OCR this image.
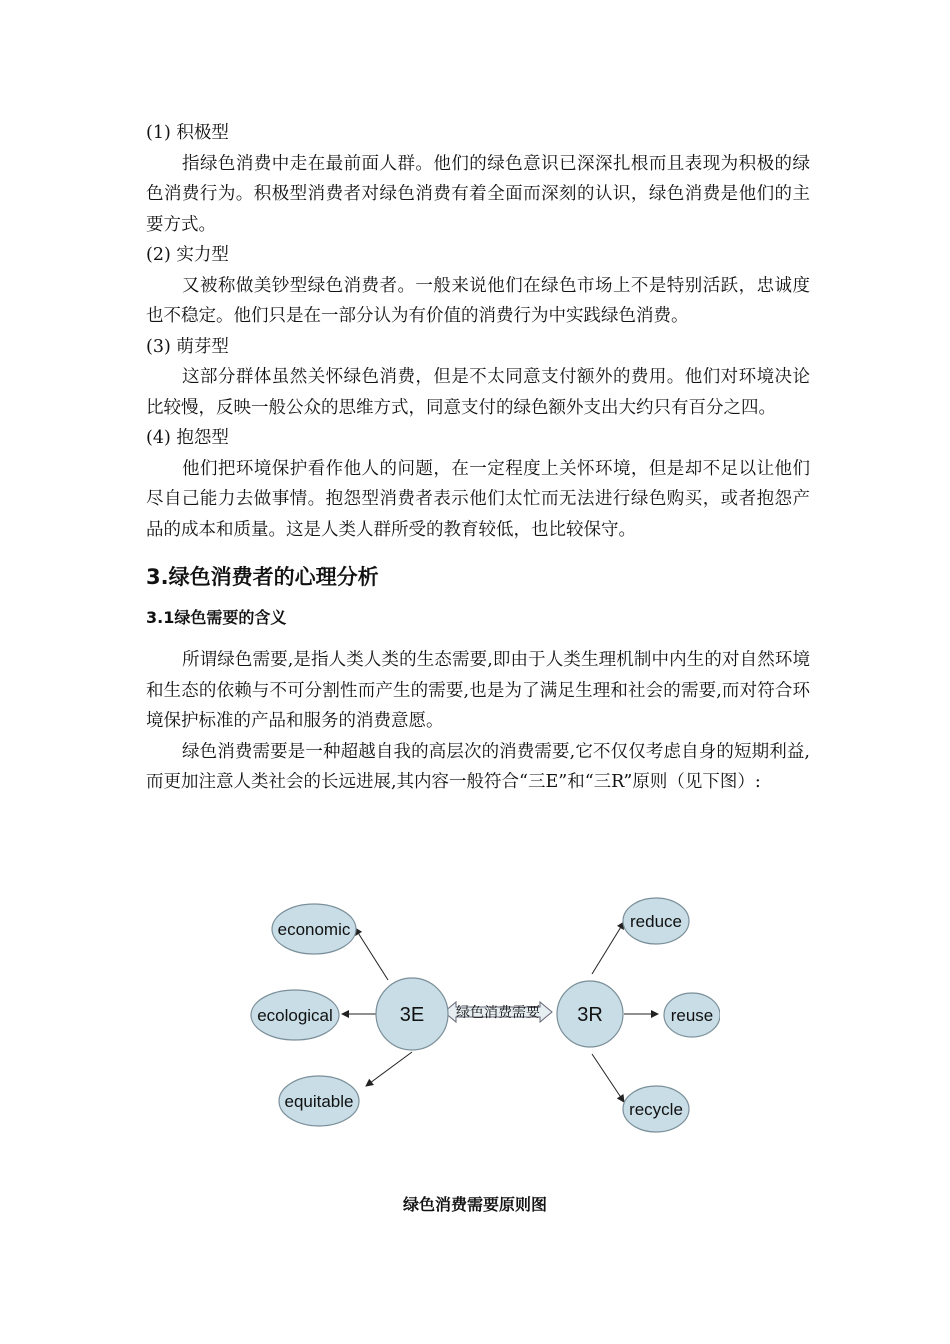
(1) 积极型

指绿色消费中走在最前面人群。他们的绿色意识已深深扎根而且表现为积极的绿色消费行为。积极型消费者对绿色消费有着全面而深刻的认识，绿色消费是他们的主要方式。

(2) 实力型

又被称做美钞型绿色消费者。一般来说他们在绿色市场上不是特别活跃，忠诚度也不稳定。他们只是在一部分认为有价值的消费行为中实践绿色消费。

(3) 萌芽型

这部分群体虽然关怀绿色消费，但是不太同意支付额外的费用。他们对环境决论比较慢，反映一般公众的思维方式，同意支付的绿色额外支出大约只有百分之四。

(4) 抱怨型

他们把环境保护看作他人的问题，在一定程度上关怀环境，但是却不足以让他们尽自己能力去做事情。抱怨型消费者表示他们太忙而无法进行绿色购买，或者抱怨产品的成本和质量。这是人类人群所受的教育较低，也比较保守。

3.绿色消费者的心理分析
3.1绿色需要的含义

所谓绿色需要,是指人类人类的生态需要,即由于人类生理机制中内生的对自然环境和生态的依赖与不可分割性而产生的需要,也是为了满足生理和社会的需要,而对符合环境保护标准的产品和服务的消费意愿。

绿色消费需要是一种超越自我的高层次的消费需要,它不仅仅考虑自身的短期利益,而更加注意人类社会的长远进展,其内容一般符合“三E”和“三R”原则（见下图）:

绿色消费需要
3E	3R
economic
ecological
equitable
reduce
reuse
recycle
绿色消费需要原则图
